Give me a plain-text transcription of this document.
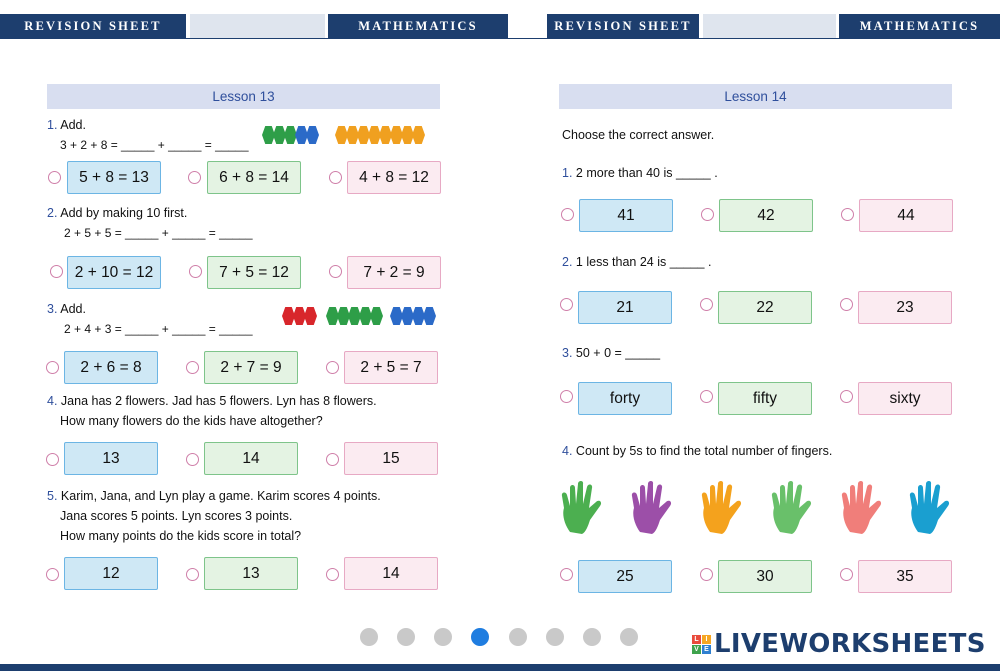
REVISION SHEET	MATHEMATICS	REVISION SHEET	MATHEMATICS
Lesson 13
1. Add.
3 + 2 + 8 = _____ + _____ = _____
5 + 8 = 13	6 + 8 = 14	4 + 8 = 12
2. Add by making 10 first.
2 + 5 + 5 = _____ + _____ = _____
2 + 10 = 12	7 + 5 = 12	7 + 2 = 9
3. Add.
2 + 4 + 3 = _____ + _____ = _____
2 + 6 = 8	2 + 7 = 9	2 + 5 = 7
4. Jana has 2 flowers. Jad has 5 flowers. Lyn has 8 flowers.
How many flowers do the kids have altogether?
13	14	15
5. Karim, Jana, and Lyn play a game. Karim scores 4 points.
Jana scores 5 points. Lyn scores 3 points.
How many points do the kids score in total?
12	13	14
Lesson 14
Choose the correct answer.
1. 2 more than 40 is _____ .
41	42	44
2. 1 less than 24 is _____ .
21	22	23
3. 50 + 0 = _____
forty	fifty	sixty
4. Count by 5s to find the total number of fingers.
25	30	35
L I
V E LIVEWORKSHEETS
